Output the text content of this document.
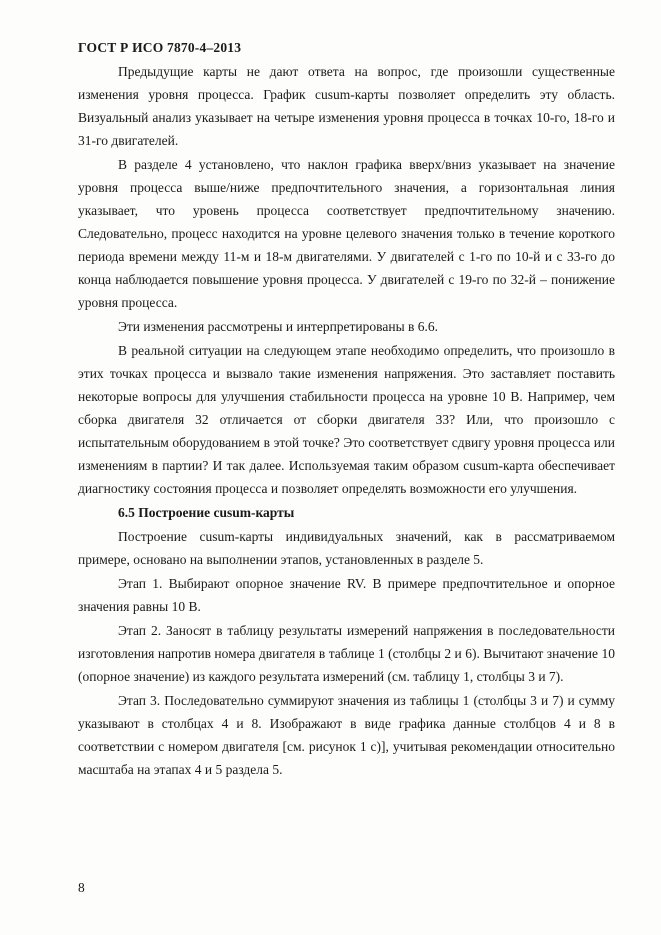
ГОСТ Р ИСО 7870-4–2013

Предыдущие карты не дают ответа на вопрос, где произошли существенные изменения уровня процесса. График cusum-карты позволяет определить эту область. Визуальный анализ указывает на четыре изменения уровня процесса в точках 10-го, 18-го и 31-го двигателей.

В разделе 4 установлено, что наклон графика вверх/вниз указывает на значение уровня процесса выше/ниже предпочтительного значения, а горизонтальная линия указывает, что уровень процесса соответствует предпочтительному значению. Следовательно, процесс находится на уровне целевого значения только в течение короткого периода времени между 11-м и 18-м двигателями. У двигателей с 1-го по 10-й и с 33-го до конца наблюдается повышение уровня процесса. У двигателей с 19-го по 32-й – понижение уровня процесса.

Эти изменения рассмотрены и интерпретированы в 6.6.

В реальной ситуации на следующем этапе необходимо определить, что произошло в этих точках процесса и вызвало такие изменения напряжения. Это заставляет поставить некоторые вопросы для улучшения стабильности процесса на уровне 10 В. Например, чем сборка двигателя 32 отличается от сборки двигателя 33? Или, что произошло с испытательным оборудованием в этой точке? Это соответствует сдвигу уровня процесса или изменениям в партии? И так далее. Используемая таким образом cusum-карта обеспечивает диагностику состояния процесса и позволяет определять возможности его улучшения.

6.5 Построение cusum-карты

Построение cusum-карты индивидуальных значений, как в рассматриваемом примере, основано на выполнении этапов, установленных в разделе 5.

Этап 1. Выбирают опорное значение RV. В примере предпочтительное и опорное значения равны 10 В.

Этап 2. Заносят в таблицу результаты измерений напряжения в последовательности изготовления напротив номера двигателя в таблице 1 (столбцы 2 и 6). Вычитают значение 10 (опорное значение) из каждого результата измерений (см. таблицу 1, столбцы 3 и 7).

Этап 3. Последовательно суммируют значения из таблицы 1 (столбцы 3 и 7) и сумму указывают в столбцах 4 и 8. Изображают в виде графика данные столбцов 4 и 8 в соответствии с номером двигателя [см. рисунок 1 с)], учитывая рекомендации относительно масштаба на этапах 4 и 5 раздела 5.

8
